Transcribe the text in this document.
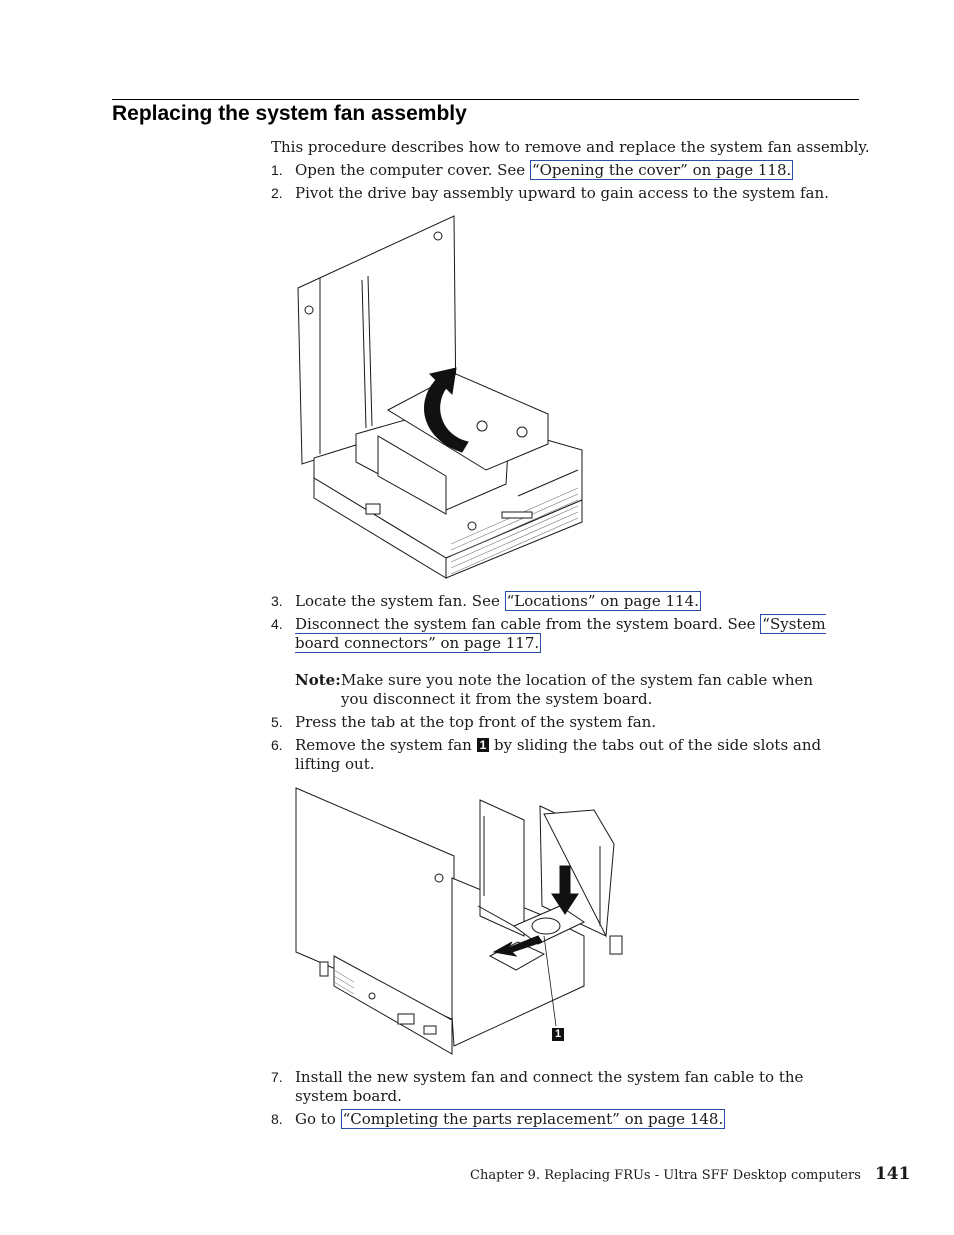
Replacing the system fan assembly
This procedure describes how to remove and replace the system fan assembly.
1. Open the computer cover. See “Opening the cover” on page 118.
2. Pivot the drive bay assembly upward to gain access to the system fan.
3. Locate the system fan. See “Locations” on page 114.
4. Disconnect the system fan cable from the system board. See “System board connectors” on page 117.
Note: Make sure you note the location of the system fan cable when you disconnect it from the system board.
5. Press the tab at the top front of the system fan.
6. Remove the system fan 1 by sliding the tabs out of the side slots and lifting out.
1
7. Install the new system fan and connect the system fan cable to the system board.
8. Go to “Completing the parts replacement” on page 148.
Chapter 9. Replacing FRUs - Ultra SFF Desktop computers 141
